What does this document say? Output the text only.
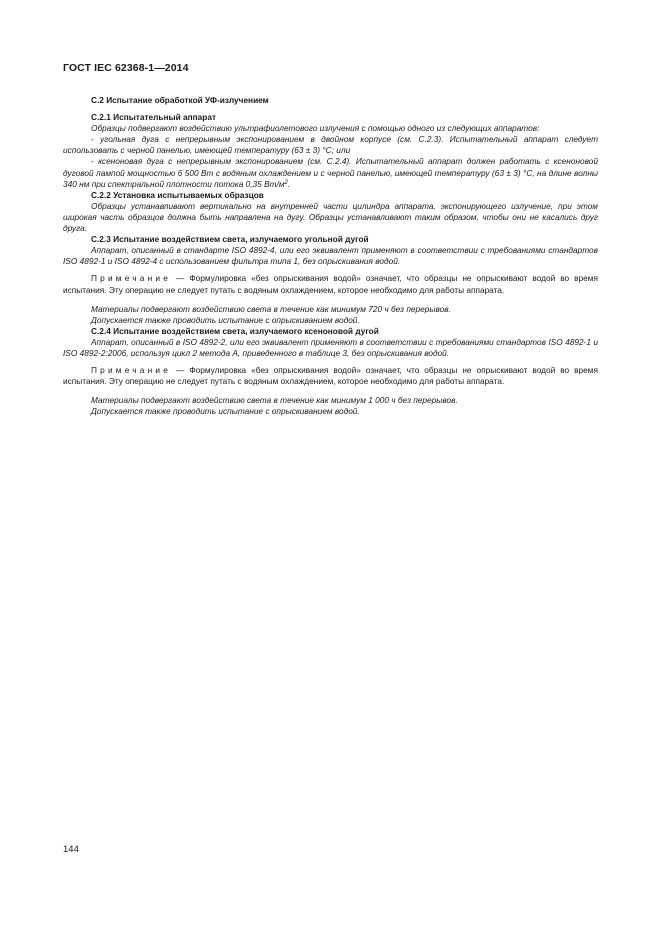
ГОСТ IEC 62368-1—2014

С.2 Испытание обработкой УФ-излучением

С.2.1 Испытательный аппарат

Образцы подвергают воздействию ультрафиолетового излучения с помощью одного из следующих аппаратов:

- угольная дуга с непрерывным экспонированием в двойном корпусе (см. С.2.3). Испытательный аппарат следует использовать с черной панелью, имеющей температуру (63 ± 3) °С; или

- ксеноновая дуга с непрерывным экспонированием (см. С.2.4). Испытательный аппарат должен работать с ксеноновой дуговой лампой мощностью 6 500 Вт с водяным охлаждением и с черной панелью, имеющей температуру (63 ± 3) °С, на длине волны 340 нм при спектральной плотности потока 0,35 $Вт/м^2$.

С.2.2 Установка испытываемых образцов

Образцы устанавливают вертикально на внутренней части цилиндра аппарата, экспонирующего излучение, при этом широкая часть образцов должна быть направлена на дугу. Образцы устанавливают таким образом, чтобы они не касались друг друга.

С.2.3 Испытание воздействием света, излучаемого угольной дугой

Аппарат, описанный в стандарте ISO 4892-4, или его эквивалент применяют в соответствии с требованиями стандартов ISO 4892-1 и ISO 4892-4 с использованием фильтра типа 1, без опрыскивания водой.

Примечание — Формулировка «без опрыскивания водой» означает, что образцы не опрыскивают водой во время испытания. Эту операцию не следует путать с водяным охлаждением, которое необходимо для работы аппарата.

Материалы подвергают воздействию света в течение как минимум 720 ч без перерывов.

Допускается также проводить испытание с опрыскиванием водой.

С.2.4 Испытание воздействием света, излучаемого ксеноновой дугой

Аппарат, описанный в ISO 4892-2, или его эквивалент применяют в соответствии с требованиями стандартов ISO 4892-1 и ISO 4892-2:2006, используя цикл 2 метода А, приведенного в таблице 3, без опрыскивания водой.

Примечание — Формулировка «без опрыскивания водой» означает, что образцы не опрыскивают водой во время испытания. Эту операцию не следует путать с водяным охлаждением, которое необходимо для работы аппарата.

Материалы подвергают воздействию света в течение как минимум 1 000 ч без перерывов.

Допускается также проводить испытание с опрыскиванием водой.

144
